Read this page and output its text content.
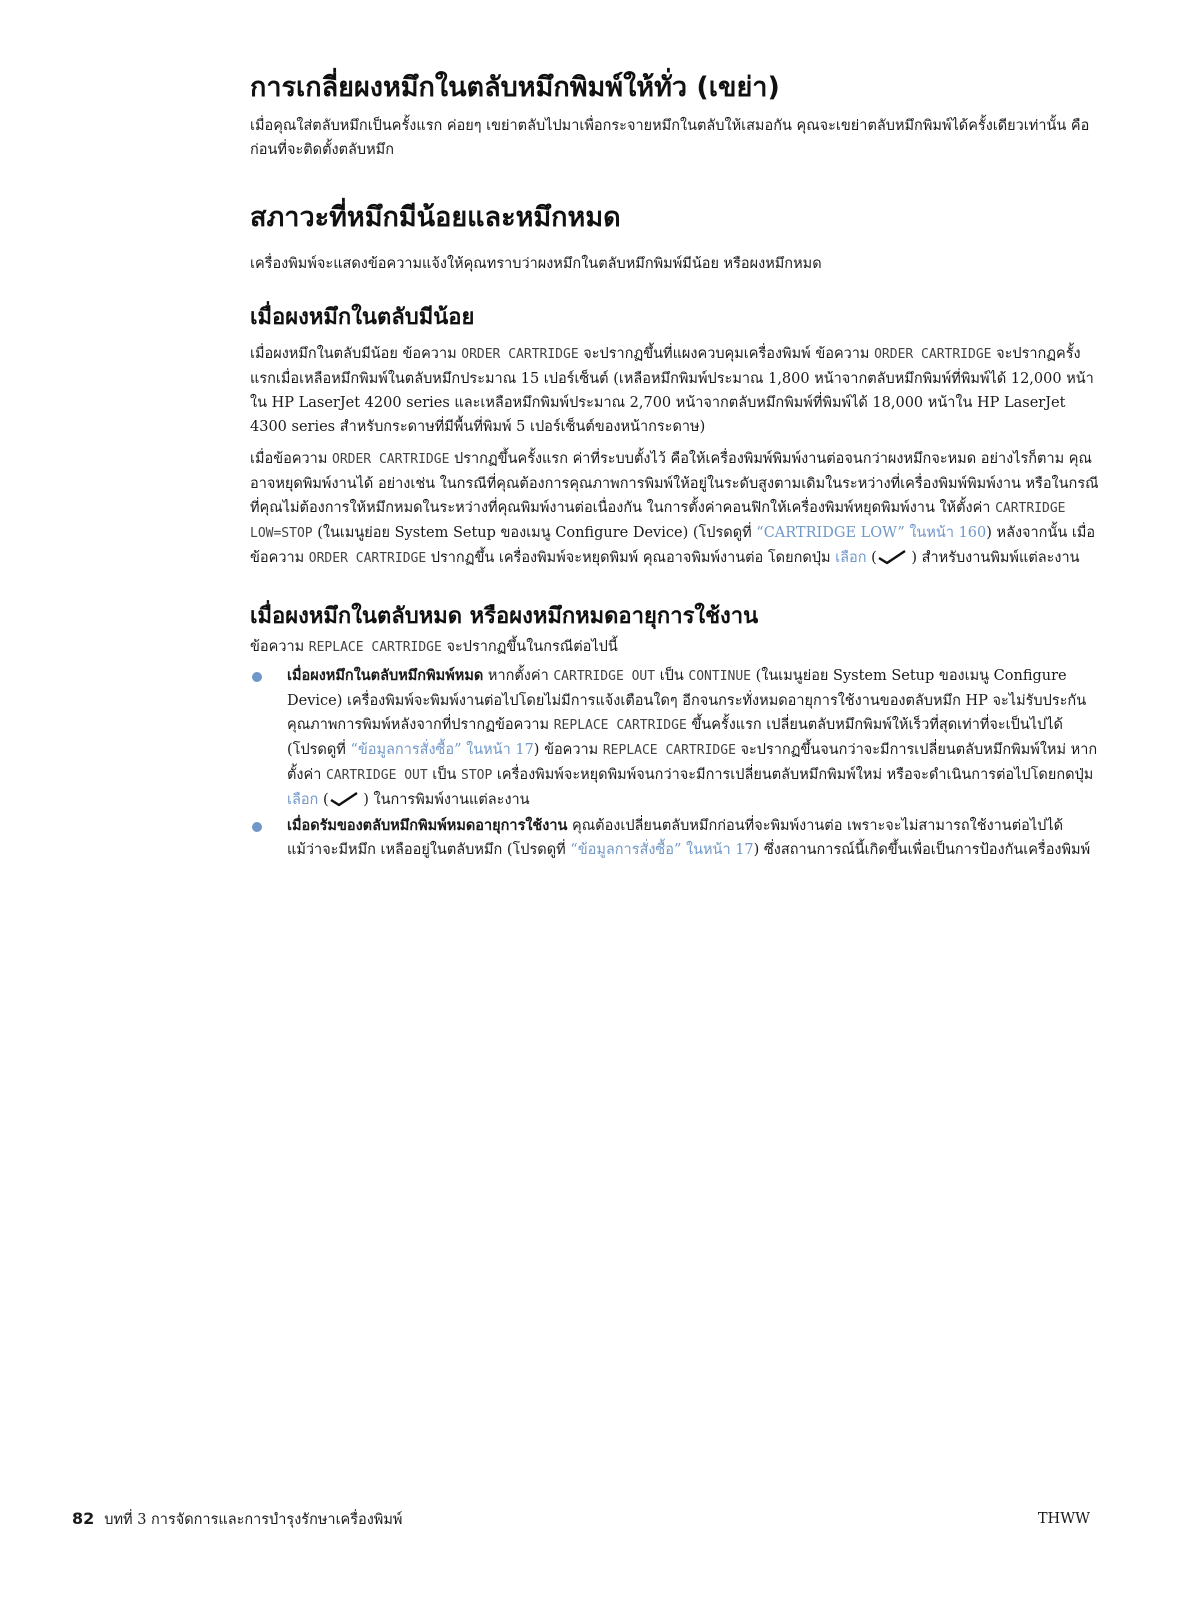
การเกลี่ยผงหมึกในตลับหมึกพิมพ์ให้ทั่ว (เขย่า)

เมื่อคุณใส่ตลับหมึกเป็นครั้งแรก ค่อยๆ เขย่าตลับไปมาเพื่อกระจายหมึกในตลับให้เสมอกัน คุณจะเขย่าตลับหมึกพิมพ์ได้ครั้งเดียวเท่านั้น คือ ก่อนที่จะติดตั้งตลับหมึก

สภาวะที่หมึกมีน้อยและหมึกหมด

เครื่องพิมพ์จะแสดงข้อความแจ้งให้คุณทราบว่าผงหมึกในตลับหมึกพิมพ์มีน้อย หรือผงหมึกหมด

เมื่อผงหมึกในตลับมีน้อย

เมื่อผงหมึกในตลับมีน้อย ข้อความ ORDER CARTRIDGE จะปรากฏขึ้นที่แผงควบคุมเครื่องพิมพ์ ข้อความ ORDER CARTRIDGE จะปรากฏครั้งแรกเมื่อเหลือหมึกพิมพ์ในตลับหมึกประมาณ 15 เปอร์เซ็นต์ (เหลือหมึกพิมพ์ประมาณ 1,800 หน้าจากตลับหมึกพิมพ์ที่พิมพ์ได้ 12,000 หน้าใน HP LaserJet 4200 series และเหลือหมึกพิมพ์ประมาณ 2,700 หน้าจากตลับหมึกพิมพ์ที่พิมพ์ได้ 18,000 หน้าใน HP LaserJet 4300 series สำหรับกระดาษที่มีพื้นที่พิมพ์ 5 เปอร์เซ็นต์ของหน้ากระดาษ)

เมื่อข้อความ ORDER CARTRIDGE ปรากฏขึ้นครั้งแรก ค่าที่ระบบตั้งไว้ คือให้เครื่องพิมพ์พิมพ์งานต่อจนกว่าผงหมึกจะหมด อย่างไรก็ตาม คุณอาจหยุดพิมพ์งานได้ อย่างเช่น ในกรณีที่คุณต้องการคุณภาพการพิมพ์ให้อยู่ในระดับสูงตามเดิมในระหว่างที่เครื่องพิมพ์พิมพ์งาน หรือในกรณีที่คุณไม่ต้องการให้หมึกหมดในระหว่างที่คุณพิมพ์งานต่อเนื่องกัน ในการตั้งค่าคอนฟิกให้เครื่องพิมพ์หยุดพิมพ์งาน ให้ตั้งค่า CARTRIDGE LOW=STOP (ในเมนูย่อย System Setup ของเมนู Configure Device) (โปรดดูที่ “CARTRIDGE LOW” ในหน้า 160) หลังจากนั้น เมื่อข้อความ ORDER CARTRIDGE ปรากฏขึ้น เครื่องพิมพ์จะหยุดพิมพ์ คุณอาจพิมพ์งานต่อ โดยกดปุ่ม เลือก ( ) สำหรับงานพิมพ์แต่ละงาน

เมื่อผงหมึกในตลับหมด หรือผงหมึกหมดอายุการใช้งาน

ข้อความ REPLACE CARTRIDGE จะปรากฏขึ้นในกรณีต่อไปนี้

เมื่อผงหมึกในตลับหมึกพิมพ์หมด หากตั้งค่า CARTRIDGE OUT เป็น CONTINUE (ในเมนูย่อย System Setup ของเมนู Configure Device) เครื่องพิมพ์จะพิมพ์งานต่อไปโดยไม่มีการแจ้งเตือนใดๆ อีกจนกระทั่งหมดอายุการใช้งานของตลับหมึก HP จะไม่รับประกันคุณภาพการพิมพ์หลังจากที่ปรากฏข้อความ REPLACE CARTRIDGE ขึ้นครั้งแรก เปลี่ยนตลับหมึกพิมพ์ให้เร็วที่สุดเท่าที่จะเป็นไปได้ (โปรดดูที่ “ข้อมูลการสั่งซื้อ” ในหน้า 17) ข้อความ REPLACE CARTRIDGE จะปรากฏขึ้นจนกว่าจะมีการเปลี่ยนตลับหมึกพิมพ์ใหม่ หากตั้งค่า CARTRIDGE OUT เป็น STOP เครื่องพิมพ์จะหยุดพิมพ์จนกว่าจะมีการเปลี่ยนตลับหมึกพิมพ์ใหม่ หรือจะดำเนินการต่อไปโดยกดปุ่ม เลือก ( ) ในการพิมพ์งานแต่ละงาน
เมื่อดรัมของตลับหมึกพิมพ์หมดอายุการใช้งาน คุณต้องเปลี่ยนตลับหมึกก่อนที่จะพิมพ์งานต่อ เพราะจะไม่สามารถใช้งานต่อไปได้ แม้ว่าจะมีหมึก เหลืออยู่ในตลับหมึก (โปรดดูที่ “ข้อมูลการสั่งซื้อ” ในหน้า 17) ซึ่งสถานการณ์นี้เกิดขึ้นเพื่อเป็นการป้องกันเครื่องพิมพ์
82 บทที่ 3 การจัดการและการบำรุงรักษาเครื่องพิมพ์	THWW
